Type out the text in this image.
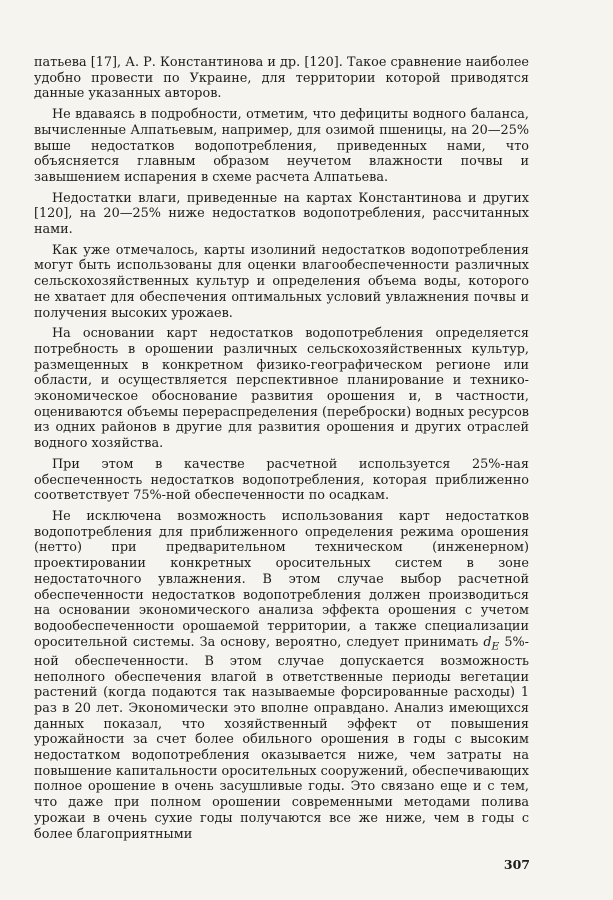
патьева [17], А. Р. Константинова и др. [120]. Такое сравнение наиболее удобно провести по Украине, для территории которой приводятся данные указанных авторов.

Не вдаваясь в подробности, отметим, что дефициты водного баланса, вычисленные Алпатьевым, например, для озимой пшеницы, на 20—25% выше недостатков водопотребления, приведенных нами, что объясняется главным образом неучетом влажности почвы и завышением испарения в схеме расчета Алпатьева.

Недостатки влаги, приведенные на картах Константинова и других [120], на 20—25% ниже недостатков водопотребления, рассчитанных нами.

Как уже отмечалось, карты изолиний недостатков водопотребления могут быть использованы для оценки влагообеспеченности различных сельскохозяйственных культур и определения объема воды, которого не хватает для обеспечения оптимальных условий увлажнения почвы и получения высоких урожаев.

На основании карт недостатков водопотребления определяется потребность в орошении различных сельскохозяйственных культур, размещенных в конкретном физико-географическом регионе или области, и осуществляется перспективное планирование и технико-экономическое обоснование развития орошения и, в частности, оцениваются объемы перераспределения (переброски) водных ресурсов из одних районов в другие для развития орошения и других отраслей водного хозяйства.

При этом в качестве расчетной используется 25%-ная обеспеченность недостатков водопотребления, которая приближенно соответствует 75%-ной обеспеченности по осадкам.

Не исключена возможность использования карт недостатков водопотребления для приближенного определения режима орошения (нетто) при предварительном техническом (инженерном) проектировании конкретных оросительных систем в зоне недостаточного увлажнения. В этом случае выбор расчетной обеспеченности недостатков водопотребления должен производиться на основании экономического анализа эффекта орошения с учетом водообеспеченности орошаемой территории, а также специализации оросительной системы. За основу, вероятно, следует принимать $d_E$ 5%-ной обеспеченности. В этом случае допускается возможность неполного обеспечения влагой в ответственные периоды вегетации растений (когда подаются так называемые форсированные расходы) 1 раз в 20 лет. Экономически это вполне оправдано. Анализ имеющихся данных показал, что хозяйственный эффект от повышения урожайности за счет более обильного орошения в годы с высоким недостатком водопотребления оказывается ниже, чем затраты на повышение капитальности оросительных сооружений, обеспечивающих полное орошение в очень засушливые годы. Это связано еще и с тем, что даже при полном орошении современными методами полива урожаи в очень сухие годы получаются все же ниже, чем в годы с более благоприятными

307
